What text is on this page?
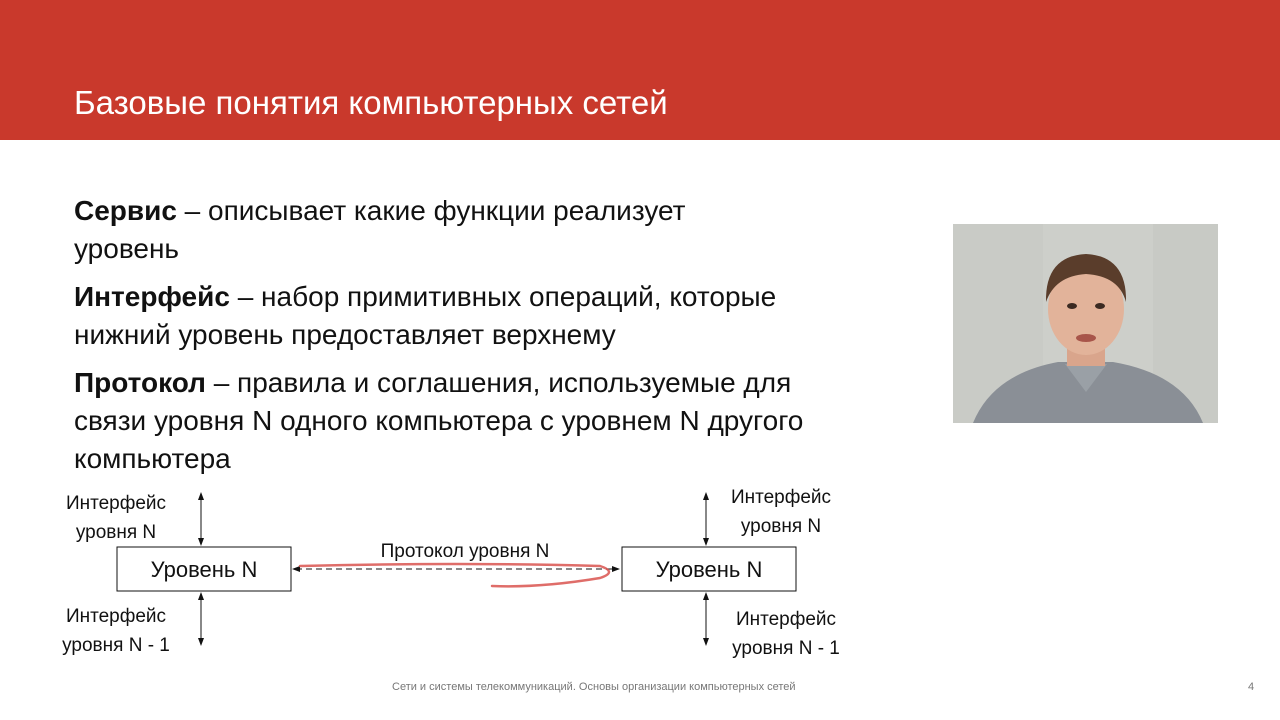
Базовые понятия компьютерных сетей

Сервис – описывает какие функции реализует уровень

Интерфейс – набор примитивных операций, которые нижний уровень предоставляет верхнему

Протокол – правила и соглашения, используемые для связи уровня N одного компьютера с уровнем N другого компьютера

Уровень N	Уровень N
Протокол уровня N
Интерфейс
уровня N
Интерфейс
уровня N - 1
Интерфейс
уровня N
Интерфейс
уровня N - 1
Сети и системы телекоммуникаций. Основы организации компьютерных сетей	4
